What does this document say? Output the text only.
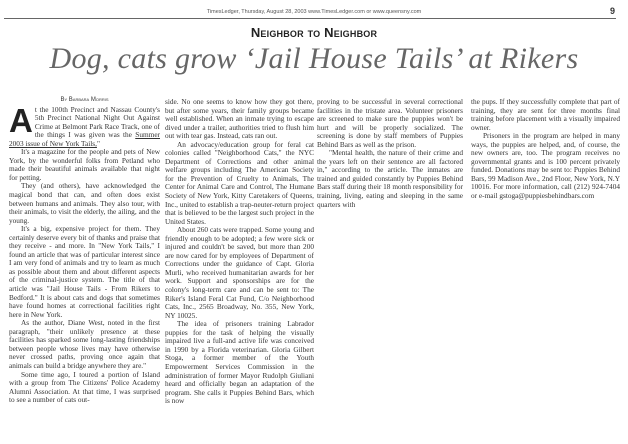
TimesLedger, Thursday, August 28, 2003 www.TimesLedger.com or www.queensny.com	9
Neighbor to Neighbor
Dog, cats grow ‘Jail House Tails’ at Rikers
By Barbara Morris

At the 100th Precinct and Nassau County's 5th Precinct National Night Out Against Crime at Belmont Park Race Track, one of the things I was given was the Summer 2003 issue of New York Tails,"

It's a magazine for the people and pets of New York, by the wonderful folks from Petland who made their beautiful animals available that night for petting.

They (and others), have acknowledged the magical bond that can, and often does exist between humans and animals. They also tour, with their animals, to visit the elderly, the ailing, and the young.

It's a big, expensive project for them. They certainly deserve every bit of thanks and praise that they receive - and more. In "New York Tails," I found an article that was of particular interest since I am very fond of animals and try to learn as much as possible about them and about different aspects of the criminal-justice system. The title of that article was "Jail House Tails - From Rikers to Bedford." It is about cats and dogs that sometimes have found homes at correctional facilities right here in New York.

As the author, Diane West, noted in the first paragraph, "their unlikely presence at these facilities has sparked some long-lasting friendships between people whose lives may have otherwise never crossed paths, proving once again that animals can build a bridge anywhere they are."

Some time ago, I toured a portion of Island with a group from The Citizens' Police Academy Alumni Association. At that time, I was surprised to see a number of cats out-

side. No one seems to know how they got there, but after some years, their family groups became well established. When an inmate trying to escape dived under a trailer, authorities tried to flush him out with tear gas. Instead, cats ran out.

An advocacy/education group for feral cat colonies called "Neighborhood Cats," the NYC Department of Corrections and other animal welfare groups including The American Society for the Prevention of Cruelty to Animals, The Center for Animal Care and Control, The Humane Society of New York, Kitty Caretakers of Queens, Inc., united to establish a trap-neuter-return project that is believed to be the largest such project in the United States.

About 260 cats were trapped. Some young and friendly enough to be adopted; a few were sick or injured and couldn't be saved, but more than 200 are now cared for by employees of Department of Corrections under the guidance of Capt. Gloria Murli, who received humanitarian awards for her work. Support and sponsorships are for the colony's long-term care and can be sent to: The Riker's Island Feral Cat Fund, C/o Neighborhood Cats, Inc., 2565 Broadway, No. 355, New York, NY 10025.

The idea of prisoners training Labrador puppies for the task of helping the visually impaired live a full-and active life was conceived in 1990 by a Florida veterinarian. Gloria Gilbert Stoga, a former member of the Youth Empowerment Services Commission in the administration of former Mayor Rudolph Giuliani heard and officially began an adaptation of the program. She calls it Puppies Behind Bars, which is now

proving to be successful in several correctional facilities in the tristate area. Volunteer prisoners are screened to make sure the puppies won't be hurt and will be properly socialized. The screening is done by staff members of Puppies Behind Bars as well as the prison.

"Mental health, the nature of their crime and the years left on their sentence are all factored in," according to the article. The inmates are trained and guided constantly by Puppies Behind Bars staff during their 18 month responsibility for training, living, eating and sleeping in the same quarters with

the pups. If they successfully complete that part of training, they are sent for three months final training before placement with a visually impaired owner.

Prisoners in the program are helped in many ways, the puppies are helped, and, of course, the new owners are, too. The program receives no governmental grants and is 100 percent privately funded. Donations may be sent to: Puppies Behind Bars, 99 Madison Ave., 2nd Floor, New York, N.Y 10016. For more information, call (212) 924-7404 or e-mail gstoga@puppiesbehindbars.com
